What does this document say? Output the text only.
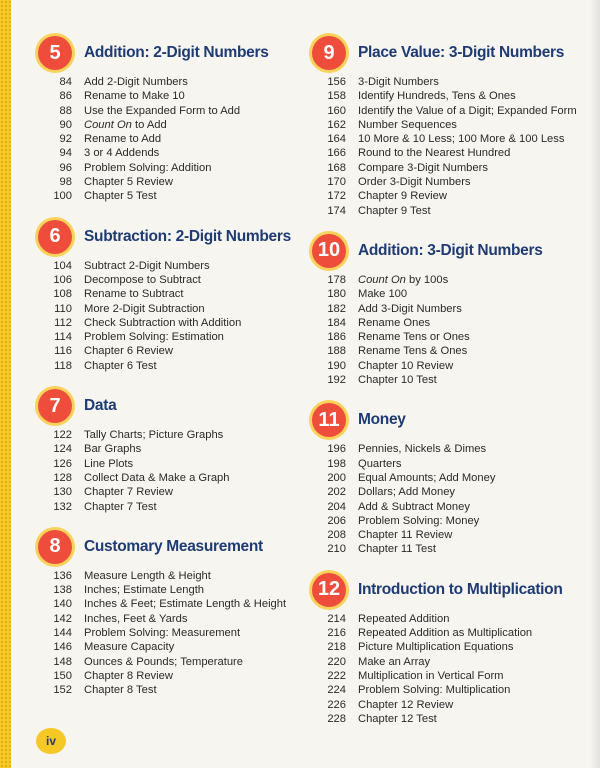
5	Addition: 2-Digit Numbers
84 Add 2-Digit Numbers
86 Rename to Make 10
88 Use the Expanded Form to Add
90 Count On to Add
92 Rename to Add
94 3 or 4 Addends
96 Problem Solving: Addition
98 Chapter 5 Review
100 Chapter 5 Test
6	Subtraction: 2-Digit Numbers
104 Subtract 2-Digit Numbers
106 Decompose to Subtract
108 Rename to Subtract
110 More 2-Digit Subtraction
112 Check Subtraction with Addition
114 Problem Solving: Estimation
116 Chapter 6 Review
118 Chapter 6 Test
7	Data
122 Tally Charts; Picture Graphs
124 Bar Graphs
126 Line Plots
128 Collect Data & Make a Graph
130 Chapter 7 Review
132 Chapter 7 Test
8	Customary Measurement
136 Measure Length & Height
138 Inches; Estimate Length
140 Inches & Feet; Estimate Length & Height
142 Inches, Feet & Yards
144 Problem Solving: Measurement
146 Measure Capacity
148 Ounces & Pounds; Temperature
150 Chapter 8 Review
152 Chapter 8 Test
9	Place Value: 3-Digit Numbers
156 3-Digit Numbers
158 Identify Hundreds, Tens & Ones
160 Identify the Value of a Digit; Expanded Form
162 Number Sequences
164 10 More & 10 Less; 100 More & 100 Less
166 Round to the Nearest Hundred
168 Compare 3-Digit Numbers
170 Order 3-Digit Numbers
172 Chapter 9 Review
174 Chapter 9 Test
10	Addition: 3-Digit Numbers
178 Count On by 100s
180 Make 100
182 Add 3-Digit Numbers
184 Rename Ones
186 Rename Tens or Ones
188 Rename Tens & Ones
190 Chapter 10 Review
192 Chapter 10 Test
11	Money
196 Pennies, Nickels & Dimes
198 Quarters
200 Equal Amounts; Add Money
202 Dollars; Add Money
204 Add & Subtract Money
206 Problem Solving: Money
208 Chapter 11 Review
210 Chapter 11 Test
12	Introduction to Multiplication
214 Repeated Addition
216 Repeated Addition as Multiplication
218 Picture Multiplication Equations
220 Make an Array
222 Multiplication in Vertical Form
224 Problem Solving: Multiplication
226 Chapter 12 Review
228 Chapter 12 Test
iv
